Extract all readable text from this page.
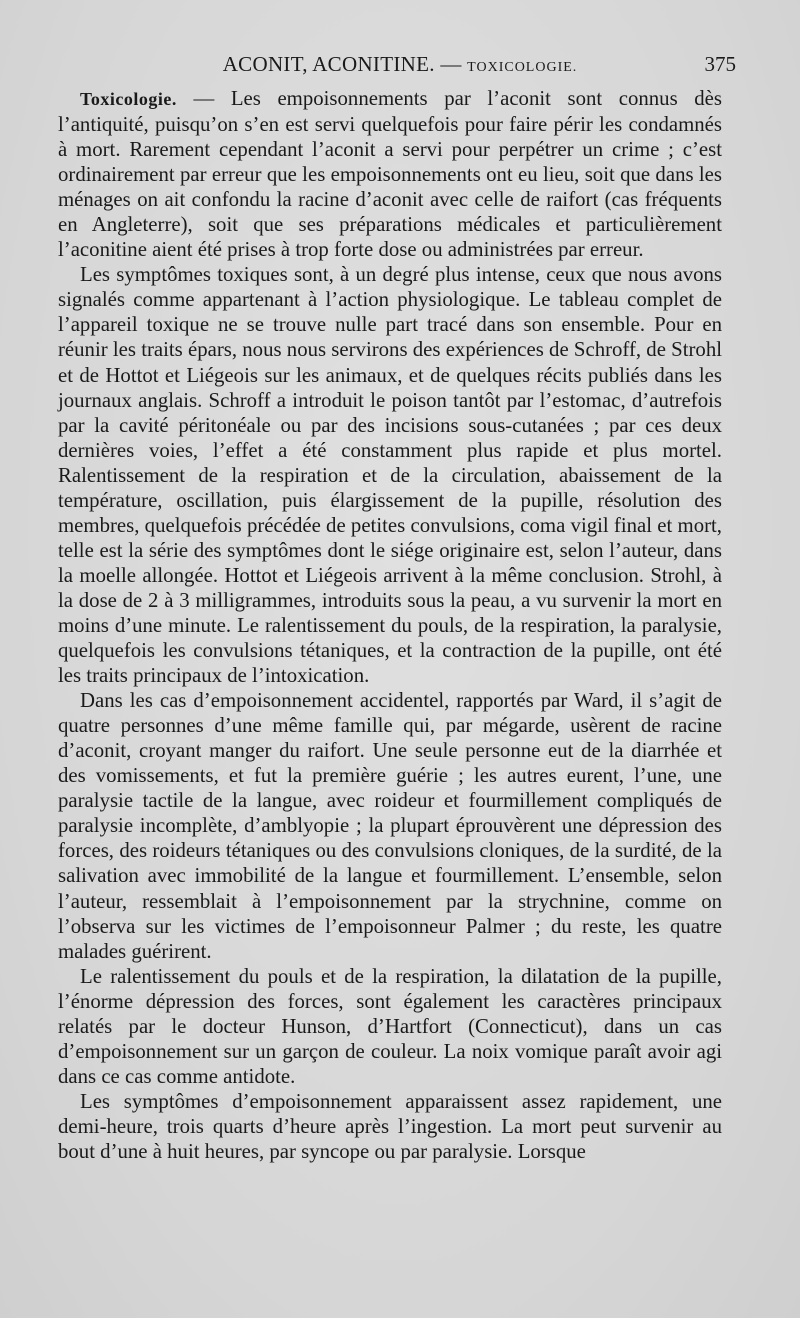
ACONIT, ACONITINE. — TOXICOLOGIE.	375

Toxicologie. — Les empoisonnements par l’aconit sont connus dès l’antiquité, puisqu’on s’en est servi quelquefois pour faire périr les condamnés à mort. Rarement cependant l’aconit a servi pour perpétrer un crime ; c’est ordinairement par erreur que les empoisonnements ont eu lieu, soit que dans les ménages on ait confondu la racine d’aconit avec celle de raifort (cas fréquents en Angleterre), soit que ses préparations médicales et particulièrement l’aconitine aient été prises à trop forte dose ou administrées par erreur.

Les symptômes toxiques sont, à un degré plus intense, ceux que nous avons signalés comme appartenant à l’action physiologique. Le tableau complet de l’appareil toxique ne se trouve nulle part tracé dans son ensemble. Pour en réunir les traits épars, nous nous servirons des expériences de Schroff, de Strohl et de Hottot et Liégeois sur les animaux, et de quelques récits publiés dans les journaux anglais. Schroff a introduit le poison tantôt par l’estomac, d’autrefois par la cavité péritonéale ou par des incisions sous-cutanées ; par ces deux dernières voies, l’effet a été constamment plus rapide et plus mortel. Ralentissement de la respiration et de la circulation, abaissement de la température, oscillation, puis élargissement de la pupille, résolution des membres, quelquefois précédée de petites convulsions, coma vigil final et mort, telle est la série des symptômes dont le siége originaire est, selon l’auteur, dans la moelle allongée. Hottot et Liégeois arrivent à la même conclusion. Strohl, à la dose de 2 à 3 milligrammes, introduits sous la peau, a vu survenir la mort en moins d’une minute. Le ralentissement du pouls, de la respiration, la paralysie, quelquefois les convulsions tétaniques, et la contraction de la pupille, ont été les traits principaux de l’intoxication.

Dans les cas d’empoisonnement accidentel, rapportés par Ward, il s’agit de quatre personnes d’une même famille qui, par mégarde, usèrent de racine d’aconit, croyant manger du raifort. Une seule personne eut de la diarrhée et des vomissements, et fut la première guérie ; les autres eurent, l’une, une paralysie tactile de la langue, avec roideur et fourmillement compliqués de paralysie incomplète, d’amblyopie ; la plupart éprouvèrent une dépression des forces, des roideurs tétaniques ou des convulsions cloniques, de la surdité, de la salivation avec immobilité de la langue et fourmillement. L’ensemble, selon l’auteur, ressemblait à l’empoisonnement par la strychnine, comme on l’observa sur les victimes de l’empoisonneur Palmer ; du reste, les quatre malades guérirent.

Le ralentissement du pouls et de la respiration, la dilatation de la pupille, l’énorme dépression des forces, sont également les caractères principaux relatés par le docteur Hunson, d’Hartfort (Connecticut), dans un cas d’empoisonnement sur un garçon de couleur. La noix vomique paraît avoir agi dans ce cas comme antidote.

Les symptômes d’empoisonnement apparaissent assez rapidement, une demi-heure, trois quarts d’heure après l’ingestion. La mort peut survenir au bout d’une à huit heures, par syncope ou par paralysie. Lorsque
